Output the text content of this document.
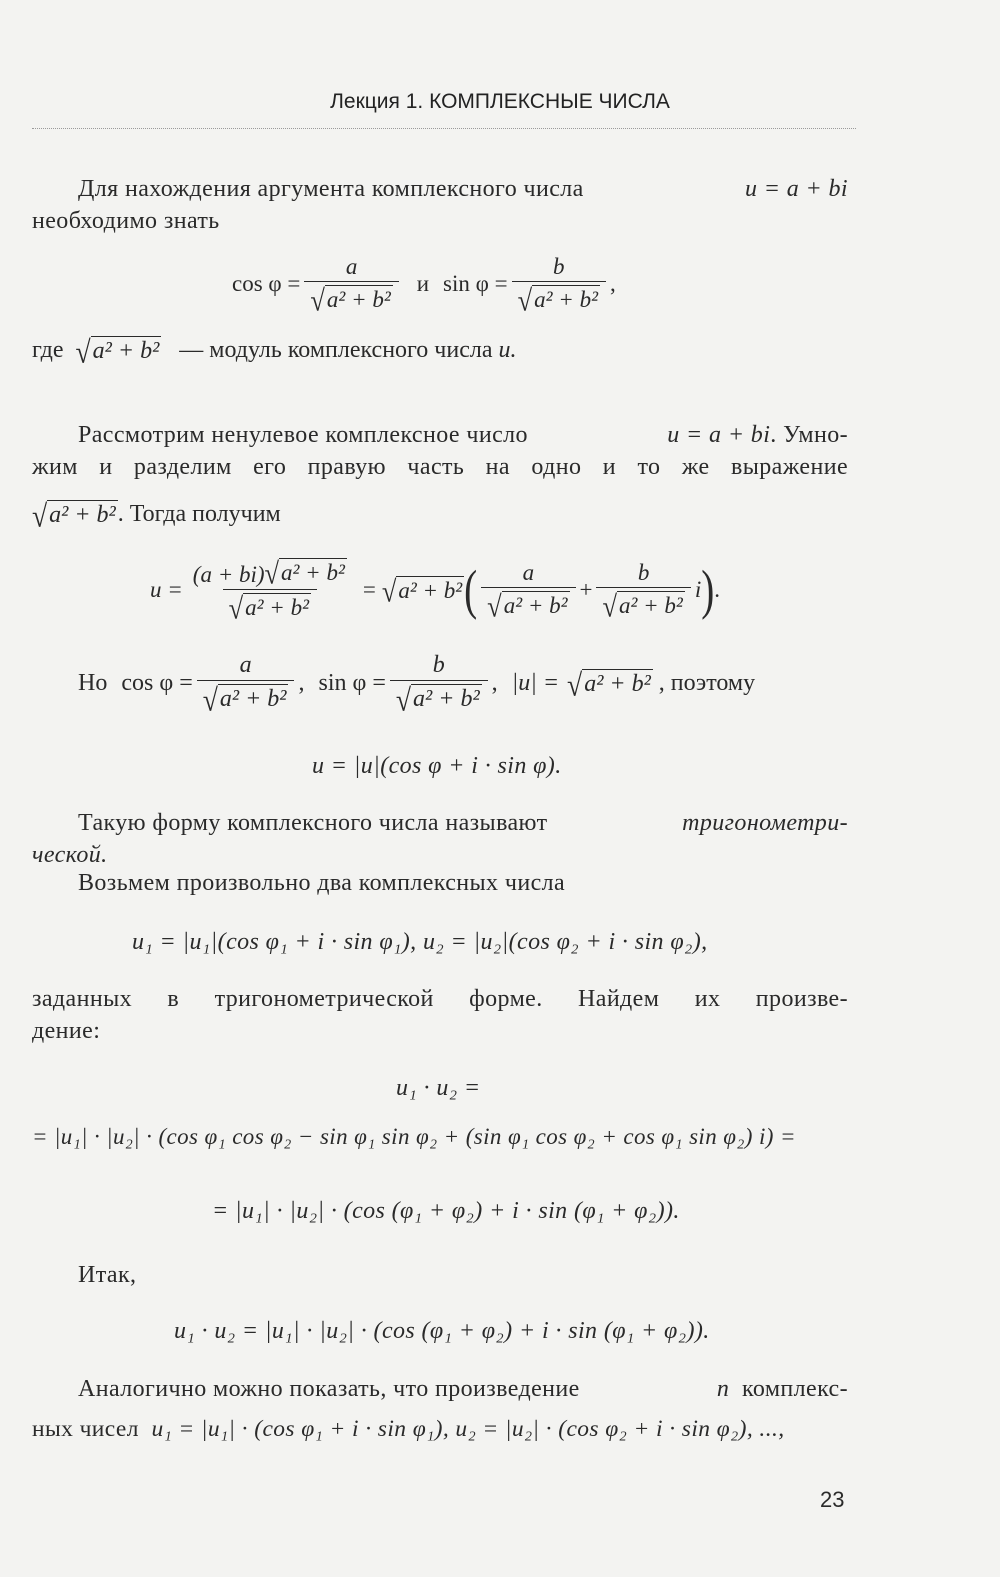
Лекция 1. КОМПЛЕКСНЫЕ ЧИСЛА
Для нахождения аргумента комплексного числа	u = a + bi
необходимо знать
$\cos \varphi = \frac{a}{\text{√ a² + b²}}$ и $\sin \varphi = \frac{b}{\text{√ a² + b²}}$ ,
где √ a² + b² — модуль комплексного числа
u.
Рассмотрим ненулевое комплексное число	u = a + bi. Умно-
жим и разделим его правую часть на одно и то же выражение
√ a² + b² . Тогда получим
$u = \frac{\text{(a + bi) √ a² + b²}}{\text{√ a² + b²}}$ = √ a² + b² ( $\frac{a}{\text{√ a² + b²}} + \frac{b}{\text{√ a² + b²}}$ i ) .
Но $\cos \varphi = \frac{a}{\text{√ a² + b²}}$ , $\sin \varphi = \frac{b}{\text{√ a² + b²}}$ , |u| = √ a² + b² , поэтому
u = |u|(cos φ + i · sin φ).
Такую форму комплексного числа называют	тригонометри-
ческой.
Возьмем произвольно два комплексных числа
u₁ = |u₁|(cos φ₁ + i · sin φ₁), u₂ = |u₂|(cos φ₂ + i · sin φ₂),
заданных в тригонометрической форме. Найдем их произве-
дение:
u₁ · u₂ =
= |u₁| · |u₂| · (cos φ₁ cos φ₂ − sin φ₁ sin φ₂ + (sin φ₁ cos φ₂ + cos φ₁ sin φ₂) i) =
= |u₁| · |u₂| · (cos (φ₁ + φ₂) + i · sin (φ₁ + φ₂)).
Итак,
u₁ · u₂ = |u₁| · |u₂| · (cos (φ₁ + φ₂) + i · sin (φ₁ + φ₂)).
Аналогично можно показать, что произведение	n комплекс-
ных чисел u₁ = |u₁| · (cos φ₁ + i · sin φ₁), u₂ = |u₂| · (cos φ₂ + i · sin φ₂), ...,
23
